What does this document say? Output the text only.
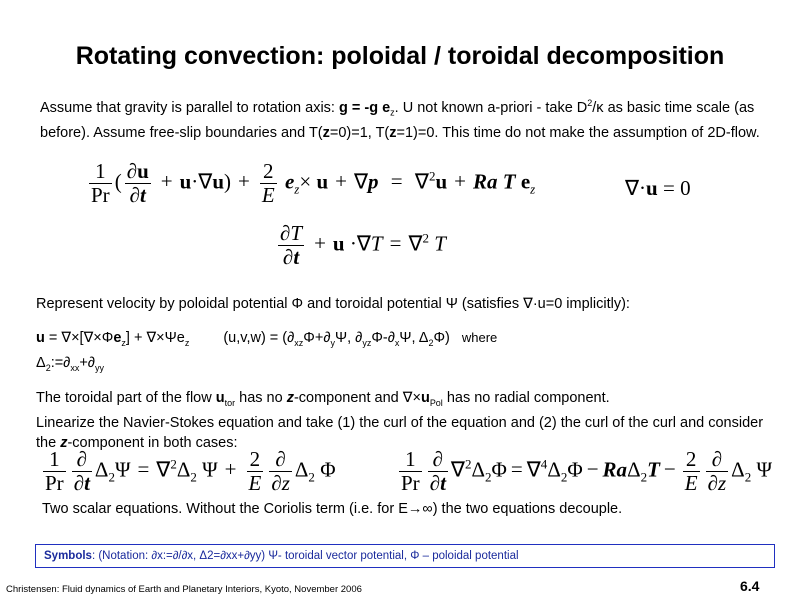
Rotating convection: poloidal / toroidal decomposition
Assume that gravity is parallel to rotation axis: g = -g $e_z$. U not known a-priori - take $D^2/\kappa$ as basic time scale (as before). Assume free-slip boundaries and T(z=0)=1, T(z=1)=0. This time do not make the assumption of 2D-flow.
$\frac{1}{Pr}$ ( $\frac{\partial u}{\partial t} + u\cdot\nabla u) + \frac{2}{E} e_z\times u + \nabla p = \nabla^2u + Ra$ T $e_z$	∇·u = 0
$\frac{\partial T}{\partial t} + u \cdot\nabla T = \nabla^2$ T
Represent velocity by poloidal potential Φ and toroidal potential Ψ (satisfies ∇·u=0 implicitly):
$u = \nabla\times[\nabla\times\Phi e_z] + \nabla\times\Psi e_z$ $(u,v,w) = (\partial_{xz}\Phi+\partial_y\Psi$, $\partial_{yz}\Phi-\partial_x\Psi$, $\Delta_2\Phi$) where
$\Delta_2:=\partial_{xx}+\partial_{yy}$
The toroidal part of the flow $u_{tor}$ has no z-component and $\nabla\times u_{Pol}$ has no radial component.
Linearize the Navier-Stokes equation and take (1) the curl of the equation and (2) the curl of the curl and consider the z-component in both cases:
$\frac{1}{Pr} \frac{\partial}{\partial t} \Delta_2\Psi = \nabla^2\Delta_2$ $\Psi + \frac{2}{E} \frac{\partial}{\partial z} \Delta_2$ Φ	$\frac{1}{Pr} \frac{\partial}{\partial t} \nabla^2\Delta_2\Phi = \nabla^4\Delta_2\Phi - Ra\Delta_2T - \frac{2}{E} \frac{\partial}{\partial z} \Delta_2$ Ψ
Two scalar equations. Without the Coriolis term (i.e. for E→∞) the two equations decouple.
Symbols: (Notation: ∂x:=∂/∂x, Δ2=∂xx+∂yy) Ψ- toroidal vector potential, Φ – poloidal potential
Christensen: Fluid dynamics of Earth and Planetary Interiors, Kyoto, November 2006	6.4
